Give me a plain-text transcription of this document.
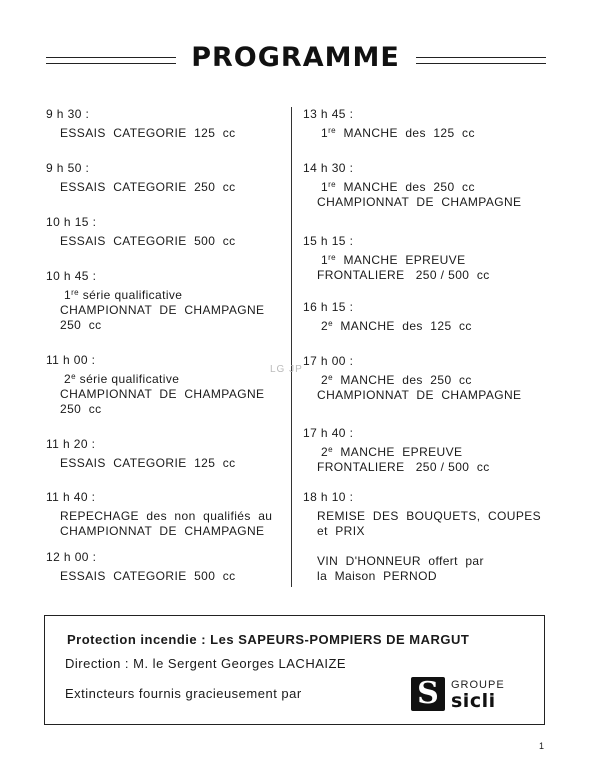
PROGRAMME
9 h 30 :
ESSAIS  CATEGORIE  125  cc
9 h 50 :
ESSAIS  CATEGORIE  250  cc
10 h 15 :
ESSAIS  CATEGORIE  500  cc
10 h 45 :
1re série qualificative
CHAMPIONNAT  DE  CHAMPAGNE
250  cc
11 h 00 :
2e série qualificative
CHAMPIONNAT  DE  CHAMPAGNE
250  cc
11 h 20 :
ESSAIS  CATEGORIE  125  cc
11 h 40 :
REPECHAGE  des  non  qualifiés  au
CHAMPIONNAT  DE  CHAMPAGNE
12 h 00 :
ESSAIS  CATEGORIE  500  cc
13 h 45 :
1re  MANCHE  des  125  cc
14 h 30 :
1re  MANCHE  des  250  cc
CHAMPIONNAT  DE  CHAMPAGNE
15 h 15 :
1re  MANCHE  EPREUVE
FRONTALIERE   250 / 500  cc
16 h 15 :
2e  MANCHE  des  125  cc
17 h 00 :
2e  MANCHE  des  250  cc
CHAMPIONNAT  DE  CHAMPAGNE
17 h 40 :
2e  MANCHE  EPREUVE
FRONTALIERE   250 / 500  cc
18 h 10 :
REMISE  DES  BOUQUETS,  COUPES
et  PRIX
VIN  D'HONNEUR  offert  par
la  Maison  PERNOD
LG JP
Protection incendie : Les SAPEURS-POMPIERS DE MARGUT
Direction : M. le Sergent Georges LACHAIZE
Extincteurs fournis gracieusement par	S	GROUPE
sicli
1
